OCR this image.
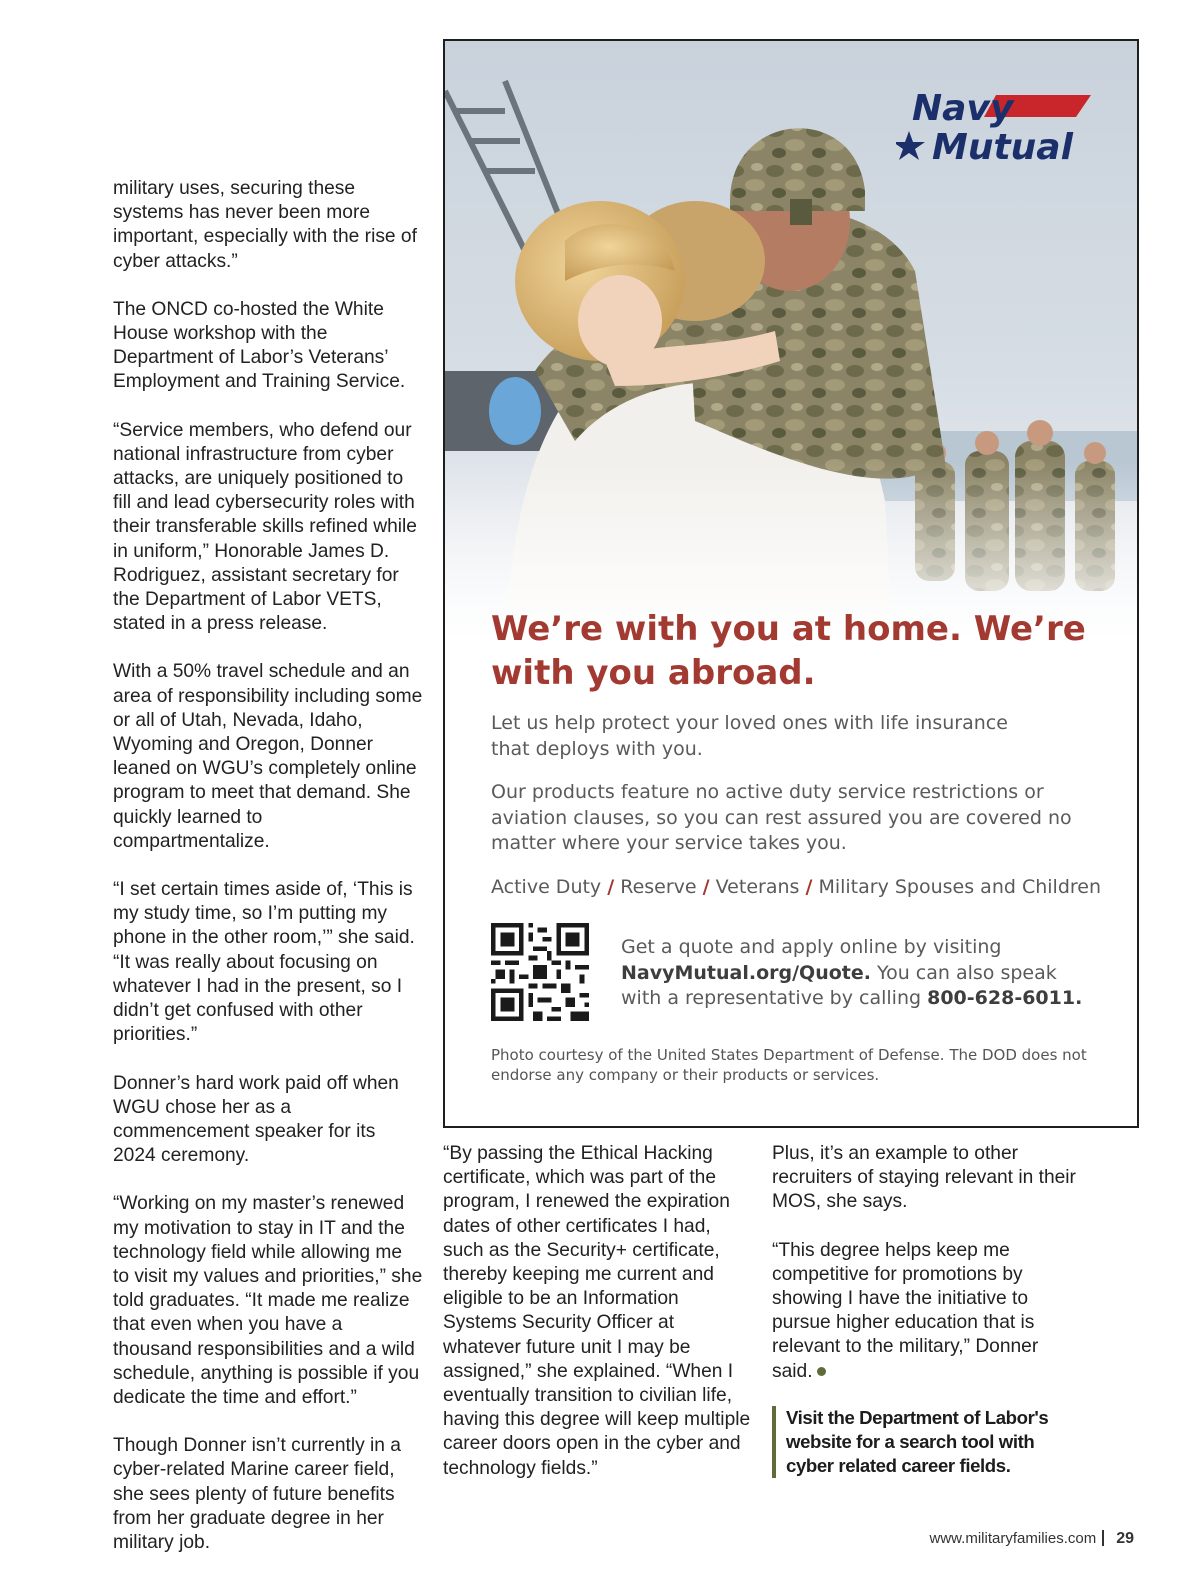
military uses, securing these systems has never been more important, especially with the rise of cyber attacks.”

The ONCD co-hosted the White House workshop with the Department of Labor’s Veterans’ Employment and Training Service.

“Service members, who defend our national infrastructure from cyber attacks, are uniquely positioned to fill and lead cybersecurity roles with their transferable skills refined while in uniform,” Honorable James D. Rodriguez, assistant secretary for the Department of Labor VETS, stated in a press release.

With a 50% travel schedule and an area of responsibility including some or all of Utah, Nevada, Idaho, Wyoming and Oregon, Donner leaned on WGU’s completely online program to meet that demand. She quickly learned to compartmentalize.

“I set certain times aside of, ‘This is my study time, so I’m putting my phone in the other room,’” she said. “It was really about focusing on whatever I had in the present, so I didn’t get confused with other priorities.”

Donner’s hard work paid off when WGU chose her as a commencement speaker for its 2024 ceremony.

“Working on my master’s renewed my motivation to stay in IT and the technology field while allowing me to visit my values and priorities,” she told graduates. “It made me realize that even when you have a thousand responsibilities and a wild schedule, anything is possible if you dedicate the time and effort.”

Though Donner isn’t currently in a cyber-related Marine career field, she sees plenty of future benefits from her graduate degree in her military job.

Navy
Mutual
We’re with you at home. We’re with you abroad.

Let us help protect your loved ones with life insurance that deploys with you.

Our products feature no active duty service restrictions or aviation clauses, so you can rest assured you are covered no matter where your service takes you.

Active Duty / Reserve / Veterans / Military Spouses and Children

Get a quote and apply online by visiting NavyMutual.org/Quote. You can also speak with a representative by calling 800-628-6011.

Photo courtesy of the United States Department of Defense. The DOD does not endorse any company or their products or services.

“By passing the Ethical Hacking certificate, which was part of the program, I renewed the expiration dates of other certificates I had, such as the Security+ certificate, thereby keeping me current and eligible to be an Information Systems Security Officer at whatever future unit I may be assigned,” she explained. “When I eventually transition to civilian life, having this degree will keep multiple career doors open in the cyber and technology fields.”

Plus, it’s an example to other recruiters of staying relevant in their MOS, she says.

“This degree helps keep me competitive for promotions by showing I have the initiative to pursue higher education that is relevant to the military,” Donner said.

Visit the Department of Labor's website for a search tool with cyber related career fields.
www.militaryfamilies.com 29
